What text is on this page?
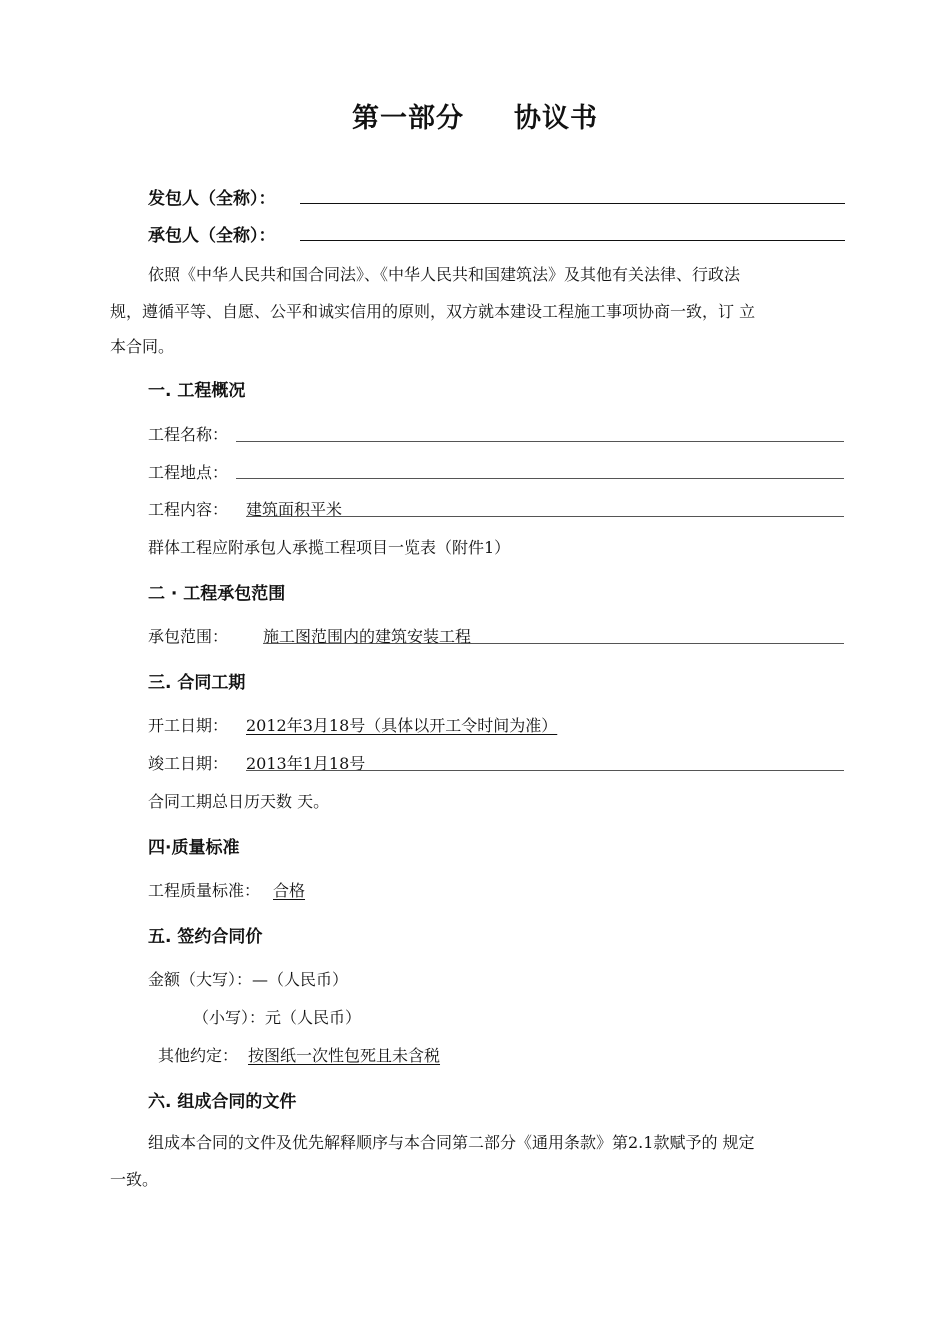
第一部分 协议书
发包人（全称）：
承包人（全称）：
依照《中华人民共和国合同法》、《中华人民共和国建筑法》及其他有关法律、行政法
规，遵循平等、自愿、公平和诚实信用的原则，双方就本建设工程施工事项协商一致，订 立
本合同。
一. 工程概况
工程名称：
工程地点：
工程内容： 建筑面积平米
群体工程应附承包人承揽工程项目一览表（附件1）
二 · 工程承包范围
承包范围： 施工图范围内的建筑安装工程
三. 合同工期
开工日期： 2012年3月18号（具体以开工令时间为准）
竣工日期： 2013年1月18号
合同工期总日历天数 天。
四·质量标准
工程质量标准： 合格
五. 签约合同价
金额（大写）：—（人民币）
（小写）：元（人民币）
其他约定： 按图纸一次性包死且未含税
六. 组成合同的文件
组成本合同的文件及优先解释顺序与本合同第二部分《通用条款》第2.1款赋予的 规定
一致。
